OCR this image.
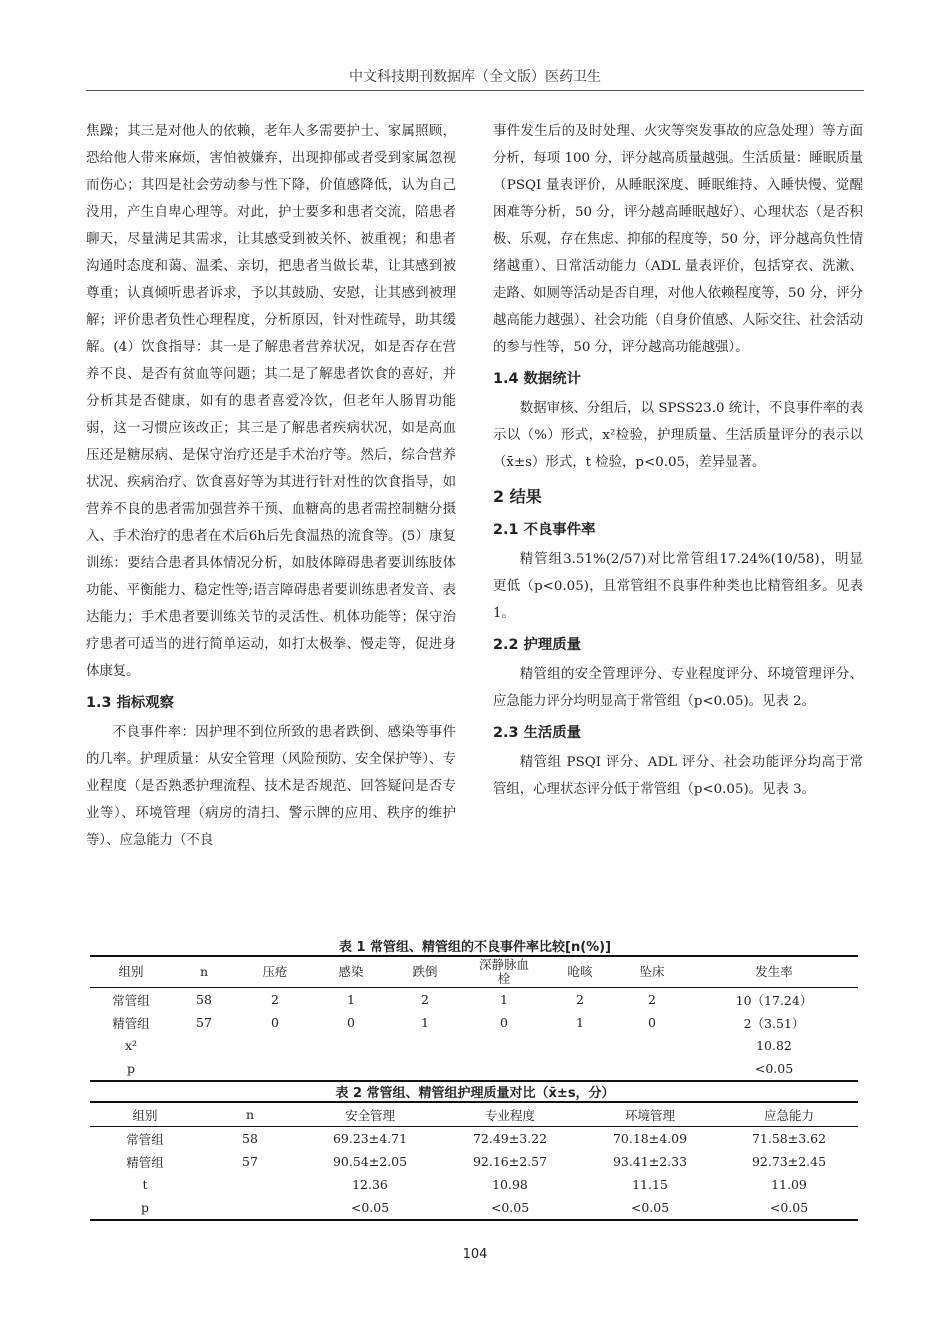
中文科技期刊数据库（全文版）医药卫生

焦躁；其三是对他人的依赖，老年人多需要护士、家属照顾，恐给他人带来麻烦，害怕被嫌弃，出现抑郁或者受到家属忽视而伤心；其四是社会劳动参与性下降，价值感降低，认为自己没用，产生自卑心理等。对此，护士要多和患者交流，陪患者聊天，尽量满足其需求，让其感受到被关怀、被重视；和患者沟通时态度和蔼、温柔、亲切，把患者当做长辈，让其感到被尊重；认真倾听患者诉求，予以其鼓励、安慰，让其感到被理解；评价患者负性心理程度，分析原因，针对性疏导，助其缓解。(4）饮食指导：其一是了解患者营养状况，如是否存在营养不良、是否有贫血等问题；其二是了解患者饮食的喜好，并分析其是否健康，如有的患者喜爱冷饮，但老年人肠胃功能弱，这一习惯应该改正；其三是了解患者疾病状况，如是高血压还是糖尿病、是保守治疗还是手术治疗等。然后，综合营养状况、疾病治疗、饮食喜好等为其进行针对性的饮食指导，如营养不良的患者需加强营养干预、血糖高的患者需控制糖分摄入、手术治疗的患者在术后6h后先食温热的流食等。(5）康复训练：要结合患者具体情况分析，如肢体障碍患者要训练肢体功能、平衡能力、稳定性等;语言障碍患者要训练患者发音、表达能力；手术患者要训练关节的灵活性、机体功能等；保守治疗患者可适当的进行简单运动，如打太极拳、慢走等，促进身体康复。

1.3 指标观察

不良事件率：因护理不到位所致的患者跌倒、感染等事件的几率。护理质量：从安全管理（风险预防、安全保护等）、专业程度（是否熟悉护理流程、技术是否规范、回答疑问是否专业等）、环境管理（病房的清扫、警示牌的应用、秩序的维护等）、应急能力（不良

事件发生后的及时处理、火灾等突发事故的应急处理）等方面分析，每项 100 分，评分越高质量越强。生活质量：睡眠质量（PSQI 量表评价，从睡眠深度、睡眠维持、入睡快慢、觉醒困难等分析，50 分，评分越高睡眠越好）、心理状态（是否积极、乐观，存在焦虑、抑郁的程度等，50 分，评分越高负性情绪越重）、日常活动能力（ADL 量表评价，包括穿衣、洗漱、走路、如厕等活动是否自理，对他人依赖程度等，50 分，评分越高能力越强）、社会功能（自身价值感、人际交往、社会活动的参与性等，50 分，评分越高功能越强）。

1.4 数据统计

数据审核、分组后，以 SPSS23.0 统计，不良事件率的表示以（%）形式，x²检验，护理质量、生活质量评分的表示以（x̄±s）形式，t 检验，p<0.05，差异显著。

2 结果
2.1 不良事件率

精管组3.51%(2/57)对比常管组17.24%(10/58)，明显更低（p<0.05)，且常管组不良事件种类也比精管组多。见表 1。

2.2 护理质量

精管组的安全管理评分、专业程度评分、环境管理评分、应急能力评分均明显高于常管组（p<0.05)。见表 2。

2.3 生活质量

精管组 PSQI 评分、ADL 评分、社会功能评分均高于常管组，心理状态评分低于常管组（p<0.05)。见表 3。

表 1 常管组、精管组的不良事件率比较[n(%)]
组别	n	压疮	感染	跌倒	深静脉血栓	呛咳	坠床	发生率
常管组	58	2	1	2	1	2	2	10（17.24）
精管组	57	0	0	1	0	1	0	2（3.51）
x²								10.82
p								<0.05
表 2 常管组、精管组护理质量对比（x̄±s，分）
组别	n	安全管理	专业程度	环境管理	应急能力
常管组	58	69.23±4.71	72.49±3.22	70.18±4.09	71.58±3.62
精管组	57	90.54±2.05	92.16±2.57	93.41±2.33	92.73±2.45
t		12.36	10.98	11.15	11.09
p		<0.05	<0.05	<0.05	<0.05
104
